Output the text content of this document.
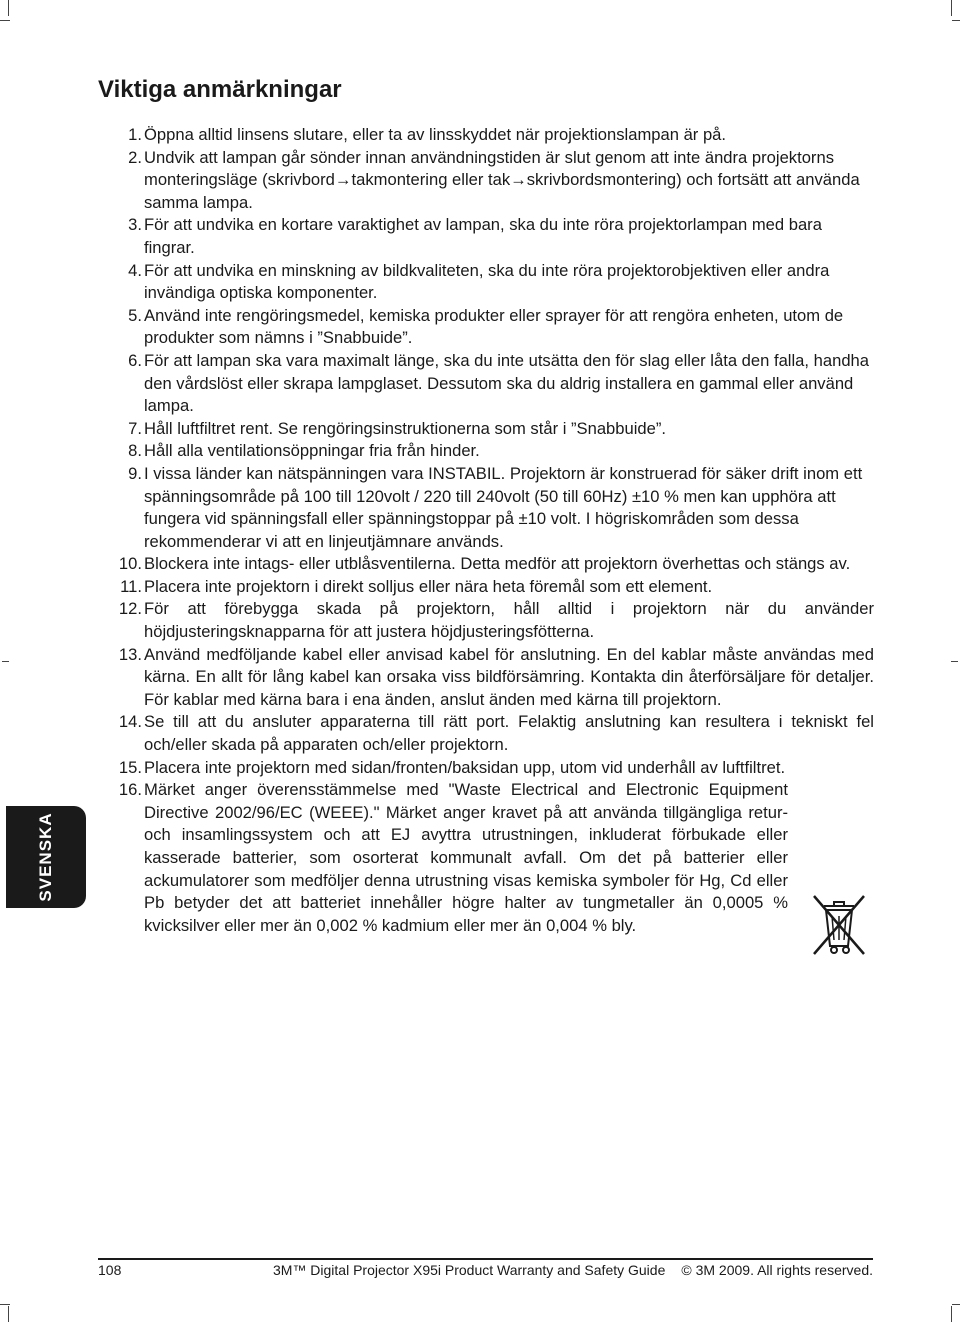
Viktiga anmärkningar
1. Öppna alltid linsens slutare, eller ta av linsskyddet när projektionslampan är på.
2. Undvik att lampan går sönder innan användningstiden är slut genom att inte ändra projektorns monteringsläge (skrivbord→takmontering eller tak→skrivbordsmontering) och fortsätt att använda samma lampa.
3. För att undvika en kortare varaktighet av lampan, ska du inte röra projektorlampan med bara fingrar.
4. För att undvika en minskning av bildkvaliteten, ska du inte röra projektorobjektiven eller andra invändiga optiska komponenter.
5. Använd inte rengöringsmedel, kemiska produkter eller sprayer för att rengöra enheten, utom de produkter som nämns i ”Snabbuide”.
6. För att lampan ska vara maximalt länge, ska du inte utsätta den för slag eller låta den falla, handha den vårdslöst eller skrapa lampglaset. Dessutom ska du aldrig installera en gammal eller använd lampa.
7. Håll luftfiltret rent. Se rengöringsinstruktionerna som står i ”Snabbuide”.
8. Håll alla ventilationsöppningar fria från hinder.
9. I vissa länder kan nätspänningen vara INSTABIL. Projektorn är konstruerad för säker drift inom ett spänningsområde på 100 till 120volt / 220 till 240volt (50 till 60Hz) ±10 % men kan upphöra att fungera vid spänningsfall eller spänningstoppar på ±10 volt. I högriskområden som dessa rekommenderar vi att en linjeutjämnare används.
10. Blockera inte intags- eller utblåsventilerna. Detta medför att projektorn överhettas och stängs av.
11. Placera inte projektorn i direkt solljus eller nära heta föremål som ett element.
12. För att förebygga skada på projektorn, håll alltid i projektorn när du använder höjdjusteringsknapparna för att justera höjdjusteringsfötterna.
13. Använd medföljande kabel eller anvisad kabel för anslutning. En del kablar måste användas med kärna. En allt för lång kabel kan orsaka viss bildförsämring. Kontakta din återförsäljare för detaljer. För kablar med kärna bara i ena änden, anslut änden med kärna till projektorn.
14. Se till att du ansluter apparaterna till rätt port. Felaktig anslutning kan resultera i tekniskt fel och/eller skada på apparaten och/eller projektorn.
15. Placera inte projektorn med sidan/fronten/baksidan upp, utom vid underhåll av luftfiltret.
16. Märket anger överensstämmelse med "Waste Electrical and Electronic Equipment Directive 2002/96/EC (WEEE)." Märket anger kravet på att använda tillgängliga retur- och insamlingssystem och att EJ avyttra utrustningen, inkluderat förbukade eller kasserade batterier, som osorterat kommunalt avfall. Om det på batterier eller ackumulatorer som medföljer denna utrustning visas kemiska symboler för Hg, Cd eller Pb betyder det att batteriet innehåller högre halter av tungmetaller än 0,0005 % kvicksilver eller mer än 0,002 % kadmium eller mer än 0,004 % bly.
SVENSKA
108	3M™ Digital Projector X95i Product Warranty and Safety Guide © 3M 2009. All rights reserved.
